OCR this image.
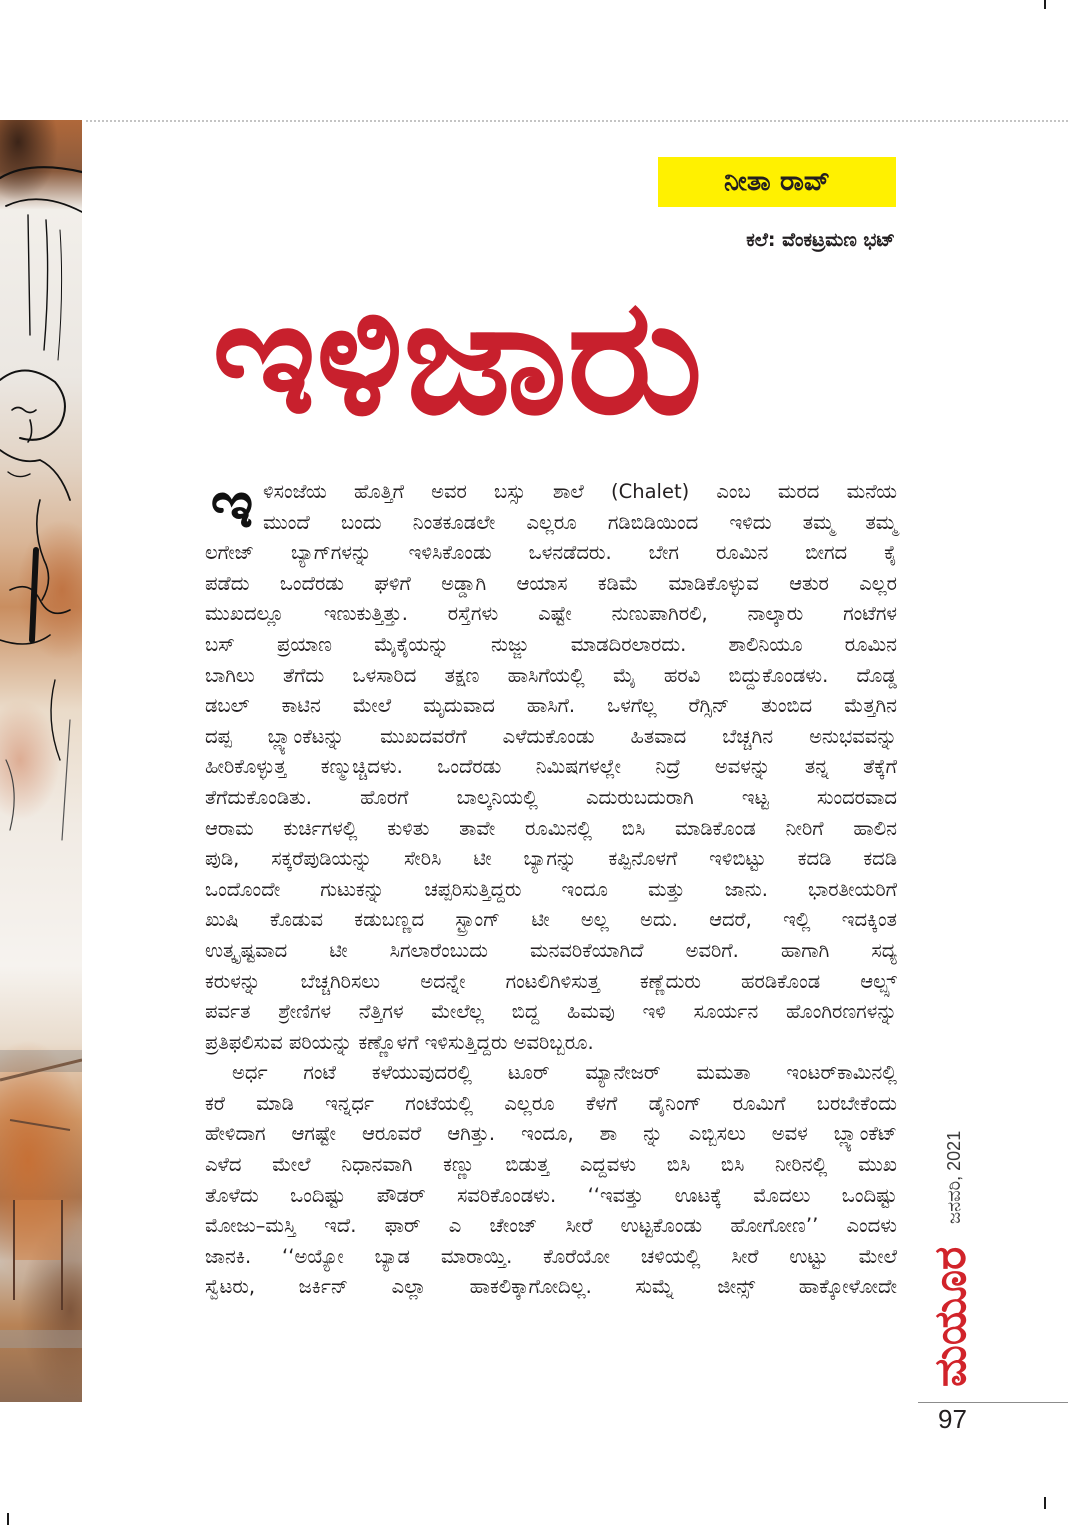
ನೀತಾ ರಾವ್
ಕಲೆ: ವೆಂಕಟ್ರಮಣ ಭಟ್
ಇಳಿಜಾರು
ಇ ಳಿಸಂಜೆಯ ಹೊತ್ತಿಗೆ ಅವರ ಬಸ್ಸು ಶಾಲೆ (Chalet) ಎಂಬ ಮರದ ಮನೆಯ
ಮುಂದೆ ಬಂದು ನಿಂತಕೂಡಲೇ ಎಲ್ಲರೂ ಗಡಿಬಿಡಿಯಿಂದ ಇಳಿದು ತಮ್ಮ ತಮ್ಮ
ಲಗೇಜ್ ಬ್ಯಾಗ್‌ಗಳನ್ನು ಇಳಿಸಿಕೊಂಡು ಒಳನಡೆದರು. ಬೇಗ ರೂಮಿನ ಬೀಗದ ಕೈ
ಪಡೆದು ಒಂದೆರಡು ಘಳಿಗೆ ಅಡ್ಡಾಗಿ ಆಯಾಸ ಕಡಿಮೆ ಮಾಡಿಕೊಳ್ಳುವ ಆತುರ ಎಲ್ಲರ
ಮುಖದಲ್ಲೂ ಇಣುಕುತ್ತಿತ್ತು. ರಸ್ತೆಗಳು ಎಷ್ಟೇ ನುಣುಪಾಗಿರಲಿ, ನಾಲ್ಕಾರು ಗಂಟೆಗಳ
ಬಸ್ ಪ್ರಯಾಣ ಮೈಕೈಯನ್ನು ನುಜ್ಜು ಮಾಡದಿರಲಾರದು. ಶಾಲಿನಿಯೂ ರೂಮಿನ
ಬಾಗಿಲು ತೆಗೆದು ಒಳಸಾರಿದ ತಕ್ಷಣ ಹಾಸಿಗೆಯಲ್ಲಿ ಮೈ ಹರವಿ ಬಿದ್ದುಕೊಂಡಳು. ದೊಡ್ಡ
ಡಬಲ್ ಕಾಟಿನ ಮೇಲೆ ಮೃದುವಾದ ಹಾಸಿಗೆ. ಒಳಗೆಲ್ಲ ರೆಗ್ಸಿನ್ ತುಂಬಿದ ಮೆತ್ತಗಿನ
ದಪ್ಪ ಬ್ಲ್ಯಾಂಕೆಟನ್ನು ಮುಖದವರೆಗೆ ಎಳೆದುಕೊಂಡು ಹಿತವಾದ ಬೆಚ್ಚಗಿನ ಅನುಭವವನ್ನು
ಹೀರಿಕೊಳ್ಳುತ್ತ ಕಣ್ಮುಚ್ಚಿದಳು. ಒಂದೆರಡು ನಿಮಿಷಗಳಲ್ಲೇ ನಿದ್ರೆ ಅವಳನ್ನು ತನ್ನ ತೆಕ್ಕೆಗೆ
ತೆಗೆದುಕೊಂಡಿತು. ಹೊರಗೆ ಬಾಲ್ಕನಿಯಲ್ಲಿ ಎದುರುಬದುರಾಗಿ ಇಟ್ಟ ಸುಂದರವಾದ
ಆರಾಮ ಕುರ್ಚಿಗಳಲ್ಲಿ ಕುಳಿತು ತಾವೇ ರೂಮಿನಲ್ಲಿ ಬಿಸಿ ಮಾಡಿಕೊಂಡ ನೀರಿಗೆ ಹಾಲಿನ
ಪುಡಿ, ಸಕ್ಕರೆಪುಡಿಯನ್ನು ಸೇರಿಸಿ ಟೀ ಬ್ಯಾಗನ್ನು ಕಪ್ಪಿನೊಳಗೆ ಇಳಿಬಿಟ್ಟು ಕದಡಿ ಕದಡಿ
ಒಂದೊಂದೇ ಗುಟುಕನ್ನು ಚಪ್ಪರಿಸುತ್ತಿದ್ದರು ಇಂದೂ ಮತ್ತು ಜಾನು. ಭಾರತೀಯರಿಗೆ
ಖುಷಿ ಕೊಡುವ ಕಡುಬಣ್ಣದ ಸ್ಟ್ರಾಂಗ್ ಟೀ ಅಲ್ಲ ಅದು. ಆದರೆ, ಇಲ್ಲಿ ಇದಕ್ಕಿಂತ
ಉತ್ಕೃಷ್ಟವಾದ ಟೀ ಸಿಗಲಾರೆಂಬುದು ಮನವರಿಕೆಯಾಗಿದೆ ಅವರಿಗೆ. ಹಾಗಾಗಿ ಸದ್ಯ
ಕರುಳನ್ನು ಬೆಚ್ಚಗಿರಿಸಲು ಅದನ್ನೇ ಗಂಟಲಿಗಿಳಿಸುತ್ತ ಕಣ್ಣೆದುರು ಹರಡಿಕೊಂಡ ಆಲ್ಪ್ಸ್
ಪರ್ವತ ಶ್ರೇಣಿಗಳ ನೆತ್ತಿಗಳ ಮೇಲೆಲ್ಲ ಬಿದ್ದ ಹಿಮವು ಇಳಿ ಸೂರ್ಯನ ಹೊಂಗಿರಣಗಳನ್ನು
ಪ್ರತಿಫಲಿಸುವ ಪರಿಯನ್ನು ಕಣ್ಣೊಳಗೆ ಇಳಿಸುತ್ತಿದ್ದರು ಅವರಿಬ್ಬರೂ.
ಅರ್ಧ ಗಂಟೆ ಕಳೆಯುವುದರಲ್ಲಿ ಟೂರ್ ಮ್ಯಾನೇಜರ್ ಮಮತಾ ಇಂಟರ್‌ಕಾಮಿನಲ್ಲಿ
ಕರೆ ಮಾಡಿ ಇನ್ನರ್ಧ ಗಂಟೆಯಲ್ಲಿ ಎಲ್ಲರೂ ಕೆಳಗೆ ಡೈನಿಂಗ್ ರೂಮಿಗೆ ಬರಬೇಕೆಂದು
ಹೇಳಿದಾಗ ಆಗಷ್ಟೇ ಆರೂವರೆ ಆಗಿತ್ತು. ಇಂದೂ, ಶಾ ನ್ನು ಎಬ್ಬಿಸಲು ಅವಳ ಬ್ಲ್ಯಾಂಕೆಟ್
ಎಳೆದ ಮೇಲೆ ನಿಧಾನವಾಗಿ ಕಣ್ಣು ಬಿಡುತ್ತ ಎದ್ದವಳು ಬಿಸಿ ಬಿಸಿ ನೀರಿನಲ್ಲಿ ಮುಖ
ತೊಳೆದು ಒಂದಿಷ್ಟು ಪೌಡರ್ ಸವರಿಕೊಂಡಳು. ‘‘ಇವತ್ತು ಊಟಕ್ಕೆ ಮೊದಲು ಒಂದಿಷ್ಟು
ಮೋಜು–ಮಸ್ತಿ ಇದೆ. ಫಾರ್ ಎ ಚೇಂಜ್ ಸೀರೆ ಉಟ್ಟಕೊಂಡು ಹೋಗೋಣ’’ ಎಂದಳು
ಜಾನಕಿ. ‘‘ಅಯ್ಯೋ ಬ್ಯಾಡ ಮಾರಾಯ್ತಿ. ಕೊರೆಯೋ ಚಳಿಯಲ್ಲಿ ಸೀರೆ ಉಟ್ಟು ಮೇಲೆ
ಸ್ವೆಟರು, ಜರ್ಕಿನ್ ಎಲ್ಲಾ ಹಾಕಲಿಕ್ಕಾಗೋದಿಲ್ಲ. ಸುಮ್ನೆ ಜೀನ್ಸ್ ಹಾಕ್ಕೋಳೋದೇ
ಜನವರಿ, 2021
ಮಯೂರ
97
